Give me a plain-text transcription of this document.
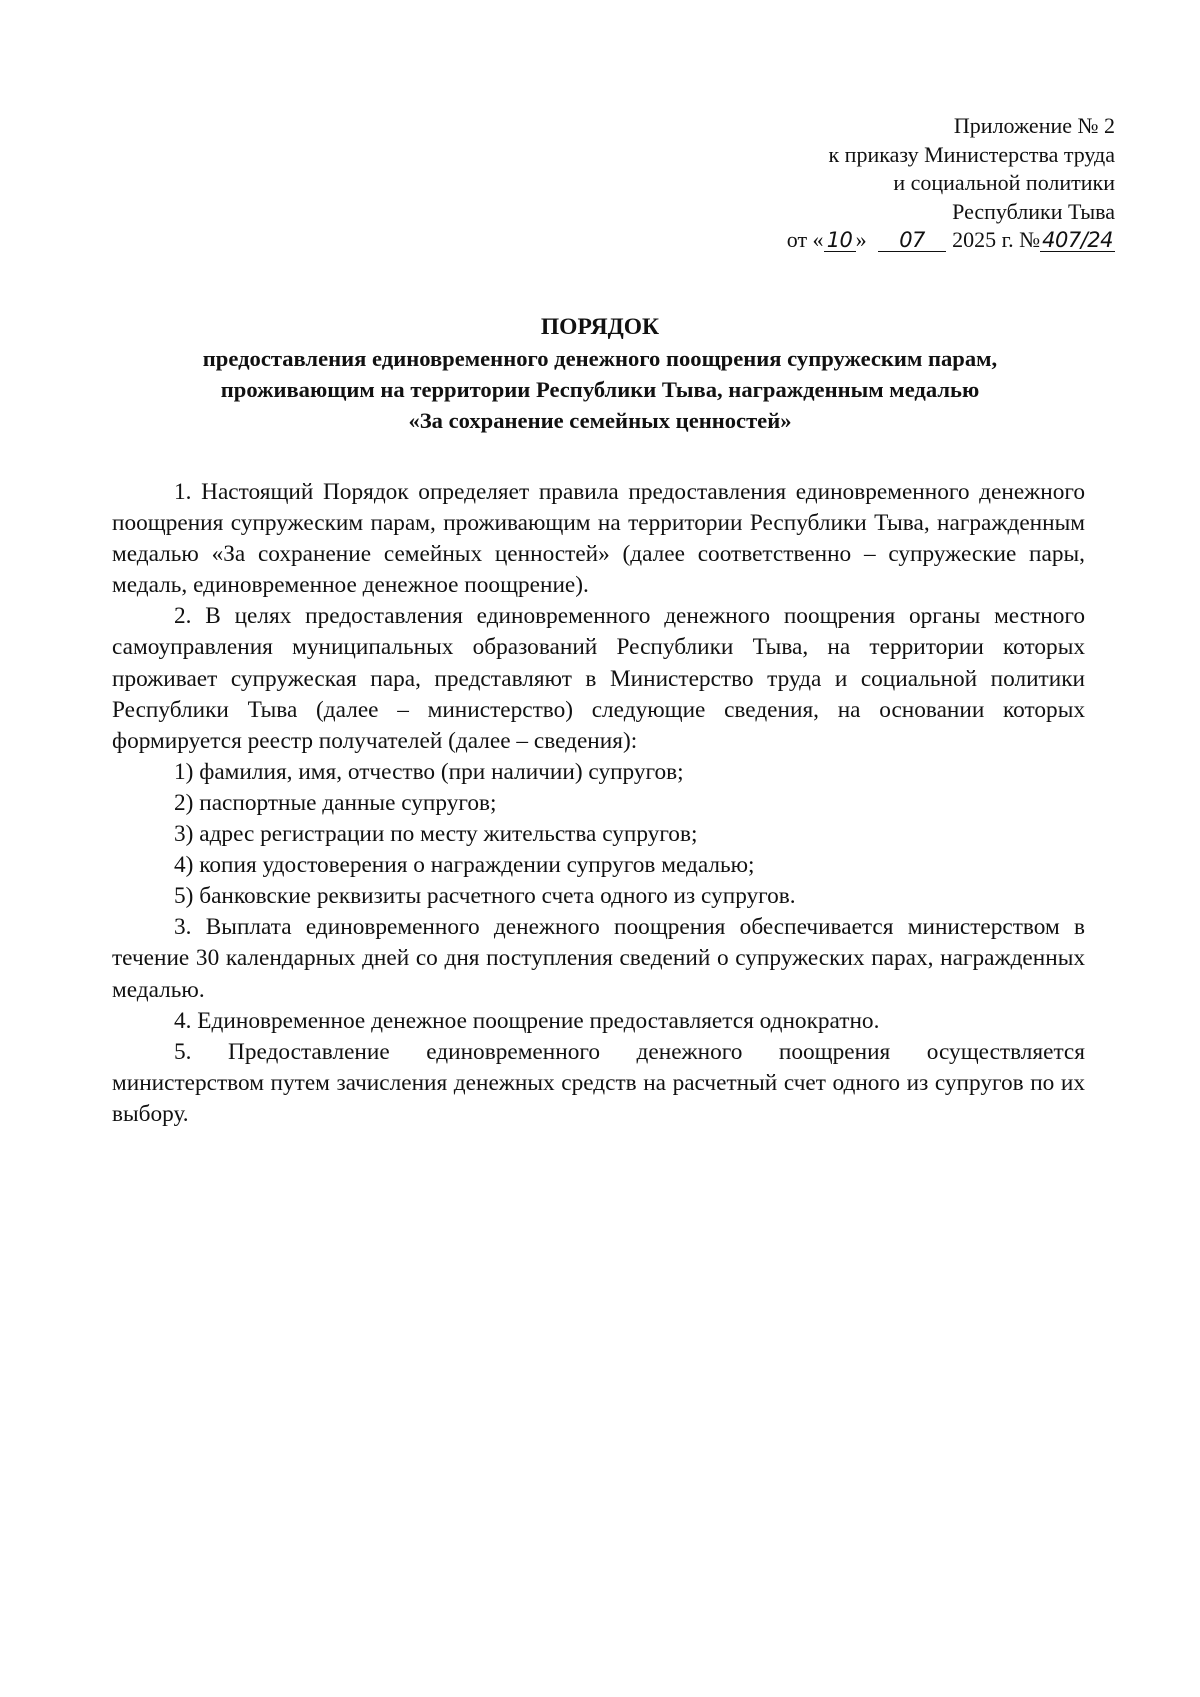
Приложение № 2
к приказу Министерства труда
и социальной политики
Республики Тыва
от « 10 » 07 2025 г. №407/24
ПОРЯДОК
предоставления единовременного денежного поощрения супружеским парам,
проживающим на территории Республики Тыва, награжденным медалью
«За сохранение семейных ценностей»

1. Настоящий Порядок определяет правила предоставления единовременного денежного поощрения супружеским парам, проживающим на территории Республики Тыва, награжденным медалью «За сохранение семейных ценностей» (далее соответственно – супружеские пары, медаль, единовременное денежное поощрение).

2. В целях предоставления единовременного денежного поощрения органы местного самоуправления муниципальных образований Республики Тыва, на территории которых проживает супружеская пара, представляют в Министерство труда и социальной политики Республики Тыва (далее – министерство) следующие сведения, на основании которых формируется реестр получателей (далее – сведения):

1) фамилия, имя, отчество (при наличии) супругов;

2) паспортные данные супругов;

3) адрес регистрации по месту жительства супругов;

4) копия удостоверения о награждении супругов медалью;

5) банковские реквизиты расчетного счета одного из супругов.

3. Выплата единовременного денежного поощрения обеспечивается министерством в течение 30 календарных дней со дня поступления сведений о супружеских парах, награжденных медалью.

4. Единовременное денежное поощрение предоставляется однократно.

5. Предоставление единовременного денежного поощрения осуществляется министерством путем зачисления денежных средств на расчетный счет одного из супругов по их выбору.
